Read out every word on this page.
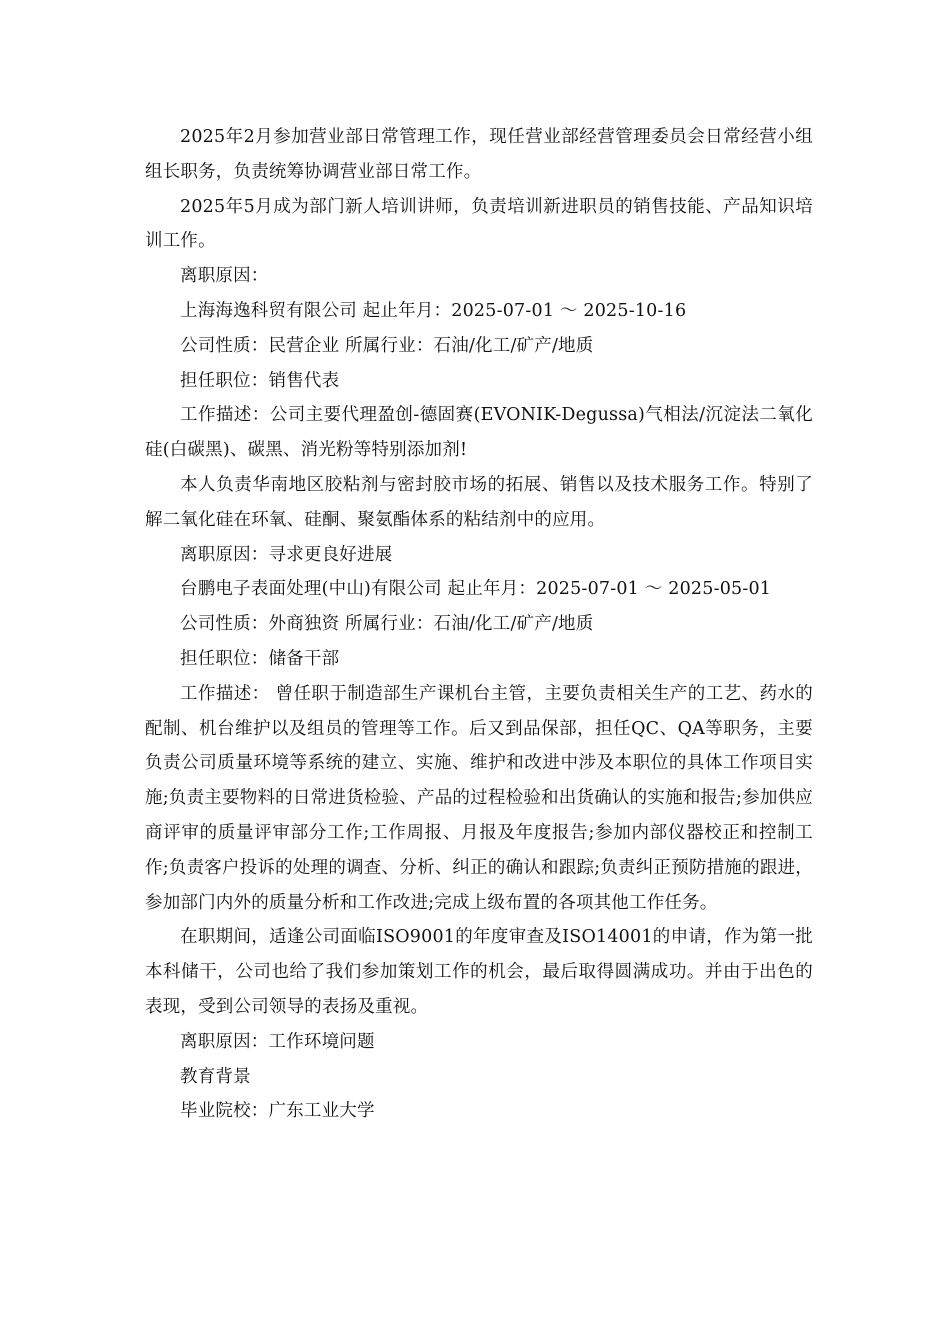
2025年2月参加营业部日常管理工作，现任营业部经营管理委员会日常经营小组组长职务，负责统筹协调营业部日常工作。

2025年5月成为部门新人培训讲师，负责培训新进职员的销售技能、产品知识培训工作。

离职原因：

上海海逸科贸有限公司 起止年月：2025-07-01 ～ 2025-10-16

公司性质：民营企业 所属行业：石油/化工/矿产/地质

担任职位：销售代表

工作描述：公司主要代理盈创-德固赛(EVONIK-Degussa)气相法/沉淀法二氧化硅(白碳黑)、碳黑、消光粉等特别添加剂!

本人负责华南地区胶粘剂与密封胶市场的拓展、销售以及技术服务工作。特别了解二氧化硅在环氧、硅酮、聚氨酯体系的粘结剂中的应用。

离职原因：寻求更良好进展

台鹏电子表面处理(中山)有限公司 起止年月：2025-07-01 ～ 2025-05-01

公司性质：外商独资 所属行业：石油/化工/矿产/地质

担任职位：储备干部

工作描述： 曾任职于制造部生产课机台主管，主要负责相关生产的工艺、药水的配制、机台维护以及组员的管理等工作。后又到品保部，担任QC、QA等职务，主要负责公司质量环境等系统的建立、实施、维护和改进中涉及本职位的具体工作项目实施;负责主要物料的日常进货检验、产品的过程检验和出货确认的实施和报告;参加供应商评审的质量评审部分工作;工作周报、月报及年度报告;参加内部仪器校正和控制工作;负责客户投诉的处理的调查、分析、纠正的确认和跟踪;负责纠正预防措施的跟进，参加部门内外的质量分析和工作改进;完成上级布置的各项其他工作任务。

在职期间，适逢公司面临ISO9001的年度审查及ISO14001的申请，作为第一批本科储干，公司也给了我们参加策划工作的机会，最后取得圆满成功。并由于出色的表现，受到公司领导的表扬及重视。

离职原因：工作环境问题

教育背景

毕业院校：广东工业大学
